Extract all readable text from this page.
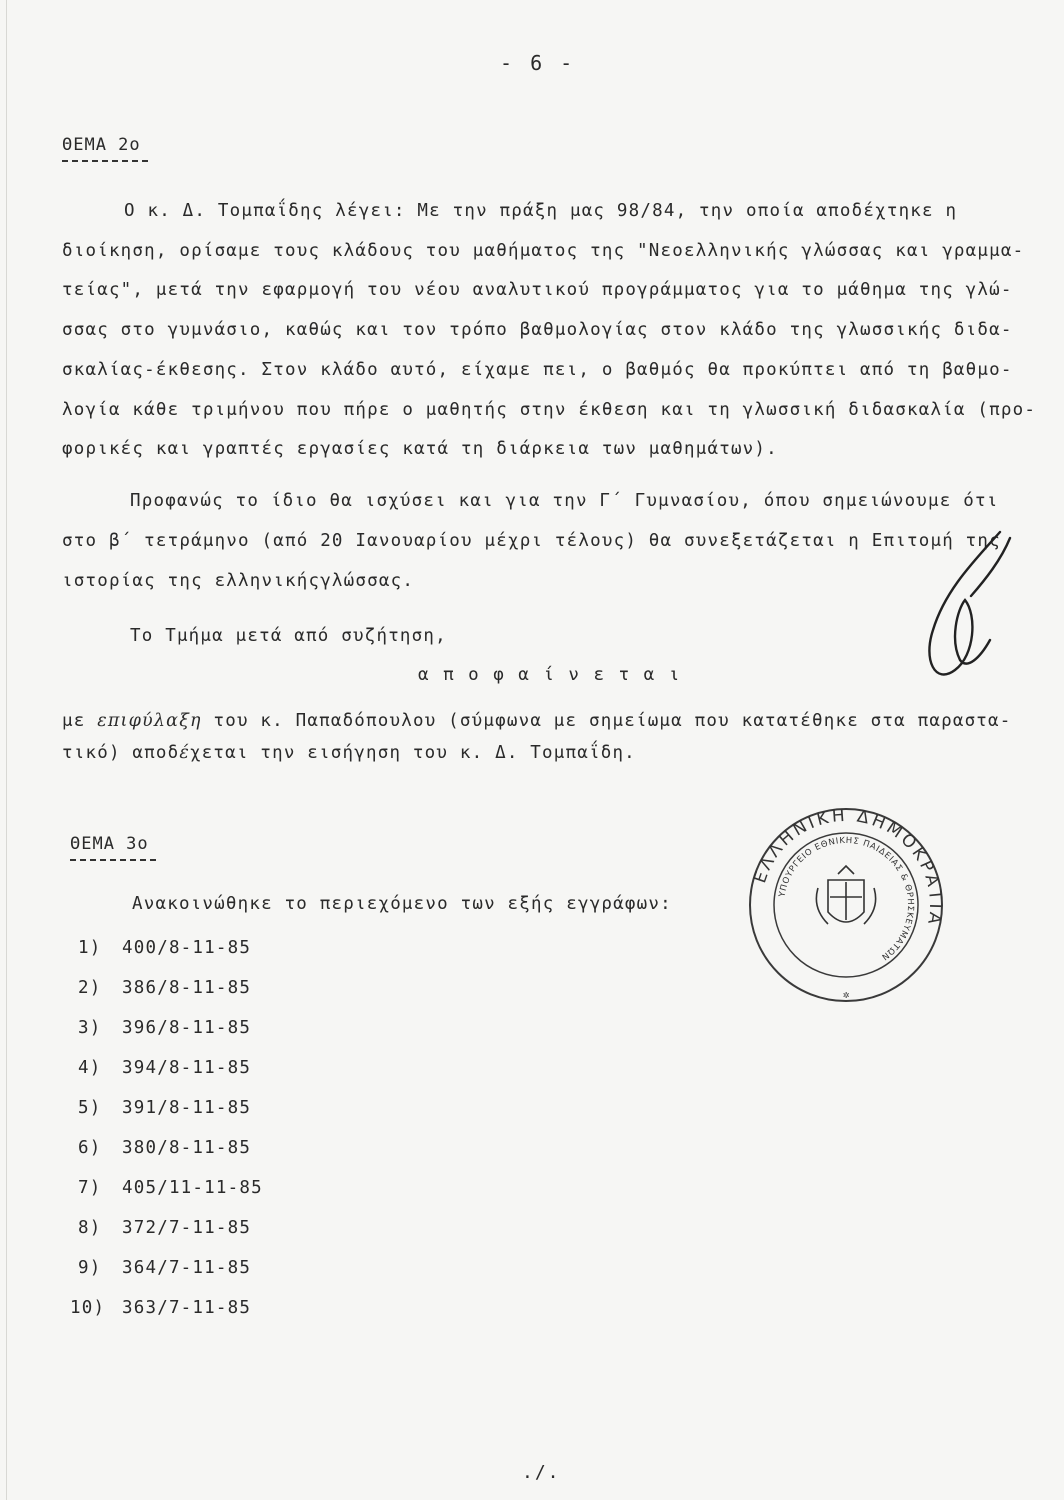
- 6 -
ΘΕΜΑ 2ο
Ο κ. Δ. Τομπαΐδης λέγει: Με την πράξη μας 98/84, την οποία αποδέχτηκε η
διοίκηση, ορίσαμε τους κλάδους του μαθήματος της "Νεοελληνικής γλώσσας και γραμμα-
τείας", μετά την εφαρμογή του νέου αναλυτικού προγράμματος για το μάθημα της γλώ-
σσας στο γυμνάσιο, καθώς και τον τρόπο βαθμολογίας στον κλάδο της γλωσσικής διδα-
σκαλίας-έκθεσης. Στον κλάδο αυτό, είχαμε πει, ο βαθμός θα προκύπτει από τη βαθμο-
λογία κάθε τριμήνου που πήρε ο μαθητής στην έκθεση και τη γλωσσική διδασκαλία (προ-
φορικές και γραπτές εργασίες κατά τη διάρκεια των μαθημάτων).
Προφανώς το ίδιο θα ισχύσει και για την Γ΄ Γυμνασίου, όπου σημειώνουμε ότι
στο β΄ τετράμηνο (από 20 Ιανουαρίου μέχρι τέλους) θα συνεξετάζεται η Επιτομή της
ιστορίας της ελληνικήςγλώσσας.
Το Τμήμα μετά από συζήτηση,
α π ο φ α ί ν ε τ α ι
με επιφύλαξη του κ. Παπαδόπουλου (σύμφωνα με σημείωμα που κατατέθηκε στα παραστα-
τικό) αποδέχεται την εισήγηση του κ. Δ. Τομπαΐδη.
ΘΕΜΑ 3ο
Ανακοινώθηκε το περιεχόμενο των εξής εγγράφων:
1) 400/8-11-85
2) 386/8-11-85
3) 396/8-11-85
4) 394/8-11-85
5) 391/8-11-85
6) 380/8-11-85
7) 405/11-11-85
8) 372/7-11-85
9) 364/7-11-85
10) 363/7-11-85
ΕΛΛΗΝΙΚΗ ΔΗΜΟΚΡΑΤΙΑ
ΥΠΟΥΡΓΕΙΟ ΕΘΝΙΚΗΣ ΠΑΙΔΕΙΑΣ & ΘΡΗΣΚΕΥΜΑΤΩΝ
✲
./.
